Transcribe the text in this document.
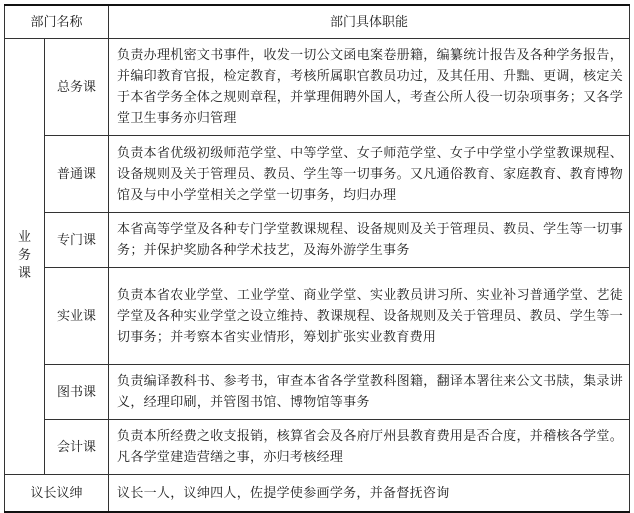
部门名称		部门具体职能
业务课	总务课	负责办理机密文书事件，收发一切公文函电案卷册籍，编纂统计报告及各种学务报告，并编印教育官报，检定教育，考核所属职官教员功过，及其任用、升黜、更调，核定关于本省学务全体之规则章程，并掌理佣聘外国人，考查公所人役一切杂项事务；又各学堂卫生事务亦归管理
	普通课	负责本省优级初级师范学堂、中等学堂、女子师范学堂、女子中学堂小学堂教课规程、设备规则及关于管理员、教员、学生等一切事务。又凡通俗教育、家庭教育、教育博物馆及与中小学堂相关之学堂一切事务，均归办理
	专门课	本省高等学堂及各种专门学堂教课规程、设备规则及关于管理员、教员、学生等一切事务；并保护奖励各种学术技艺，及海外游学生事务
	实业课	负责本省农业学堂、工业学堂、商业学堂、实业教员讲习所、实业补习普通学堂、艺徒学堂及各种实业学堂之设立维持、教课规程、设备规则及关于管理员、教员、学生等一切事务；并考察本省实业情形，筹划扩张实业教育费用
	图书课	负责编译教科书、参考书，审查本省各学堂教科图籍，翻译本署往来公文书牍，集录讲义，经理印刷，并管图书馆、博物馆等事务
	会计课	负责本所经费之收支报销，核算省会及各府厅州县教育费用是否合度，并稽核各学堂。凡各学堂建造营缮之事，亦归考核经理
议长议绅		议长一人，议绅四人，佐提学使参画学务，并备督抚咨询
